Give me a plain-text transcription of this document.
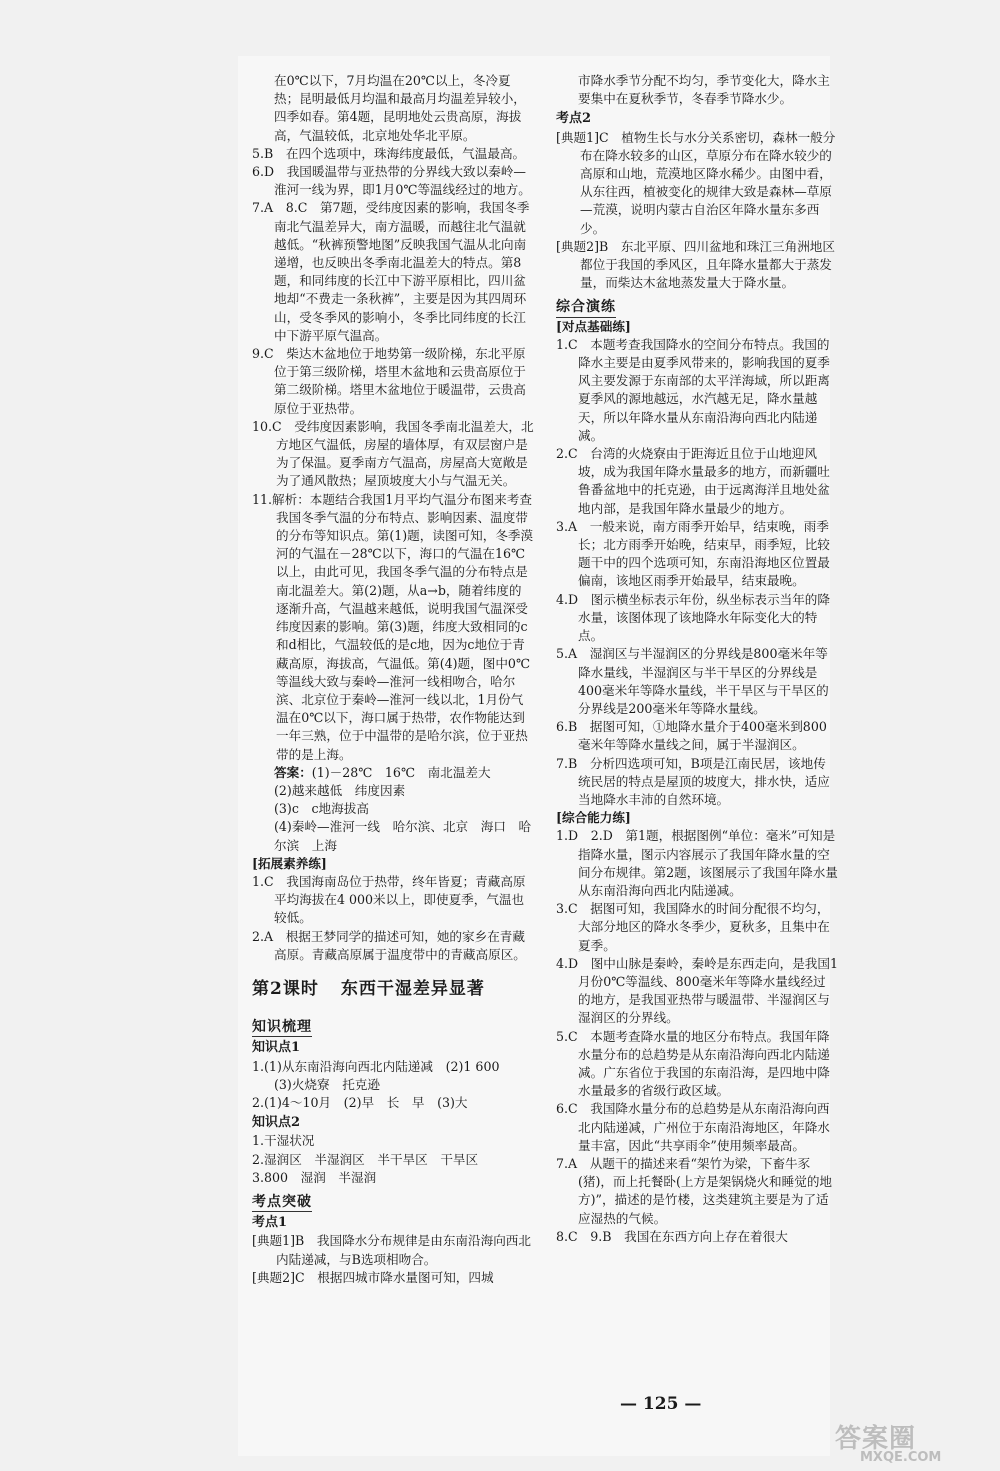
在0℃以下，7月均温在20℃以上，冬冷夏热；昆明最低月均温和最高月均温差异较小，四季如春。第4题，昆明地处云贵高原，海拔高，气温较低，北京地处华北平原。

5.B　在四个选项中，珠海纬度最低，气温最高。

6.D　我国暖温带与亚热带的分界线大致以秦岭—淮河一线为界，即1月0℃等温线经过的地方。

7.A　8.C　第7题，受纬度因素的影响，我国冬季南北气温差异大，南方温暖，而越往北气温就越低。“秋裤预警地图”反映我国气温从北向南递增，也反映出冬季南北温差大的特点。第8题，和同纬度的长江中下游平原相比，四川盆地却“不费走一条秋裤”，主要是因为其四周环山，受冬季风的影响小，冬季比同纬度的长江中下游平原气温高。

9.C　柴达木盆地位于地势第一级阶梯，东北平原位于第三级阶梯，塔里木盆地和云贵高原位于第二级阶梯。塔里木盆地位于暖温带，云贵高原位于亚热带。

10.C　受纬度因素影响，我国冬季南北温差大，北方地区气温低，房屋的墙体厚，有双层窗户是为了保温。夏季南方气温高，房屋高大宽敞是为了通风散热；屋顶坡度大小与气温无关。

11.解析：本题结合我国1月平均气温分布图来考查我国冬季气温的分布特点、影响因素、温度带的分布等知识点。第(1)题，读图可知，冬季漠河的气温在－28℃以下，海口的气温在16℃以上，由此可见，我国冬季气温的分布特点是南北温差大。第(2)题，从a→b，随着纬度的逐渐升高，气温越来越低，说明我国气温深受纬度因素的影响。第(3)题，纬度大致相同的c和d相比，气温较低的是c地，因为c地位于青藏高原，海拔高，气温低。第(4)题，图中0℃等温线大致与秦岭—淮河一线相吻合，哈尔滨、北京位于秦岭—淮河一线以北，1月份气温在0℃以下，海口属于热带，农作物能达到一年三熟，位于中温带的是哈尔滨，位于亚热带的是上海。

答案：(1)－28℃　16℃　南北温差大
(2)越来越低　纬度因素
(3)c　c地海拔高
(4)秦岭—淮河一线　哈尔滨、北京　海口　哈尔滨　上海
[拓展素养练]

1.C　我国海南岛位于热带，终年皆夏；青藏高原平均海拔在4 000米以上，即使夏季，气温也较低。

2.A　根据王梦同学的描述可知，她的家乡在青藏高原。青藏高原属于温度带中的青藏高原区。

第2课时 东西干湿差异显著
知识梳理
知识点1
1.(1)从东南沿海向西北内陆递减　(2)1 600
(3)火烧寮　托克逊
2.(1)4～10月　(2)早　长　早　(3)大
知识点2
1.干湿状况
2.湿润区　半湿润区　半干旱区　干旱区
3.800　湿润　半湿润
考点突破
考点1

[典题1]B　我国降水分布规律是由东南沿海向西北内陆递减，与B选项相吻合。

[典题2]C　根据四城市降水量图可知，四城

市降水季节分配不均匀，季节变化大，降水主要集中在夏秋季节，冬春季节降水少。

考点2

[典题1]C　植物生长与水分关系密切，森林一般分布在降水较多的山区，草原分布在降水较少的高原和山地，荒漠地区降水稀少。由图中看，从东往西，植被变化的规律大致是森林—草原—荒漠，说明内蒙古自治区年降水量东多西少。

[典题2]B　东北平原、四川盆地和珠江三角洲地区都位于我国的季风区，且年降水量都大于蒸发量，而柴达木盆地蒸发量大于降水量。

综合演练
[对点基础练]

1.C　本题考查我国降水的空间分布特点。我国的降水主要是由夏季风带来的，影响我国的夏季风主要发源于东南部的太平洋海域，所以距离夏季风的源地越远，水汽越无足，降水量越天，所以年降水量从东南沿海向西北内陆递减。

2.C　台湾的火烧寮由于距海近且位于山地迎风坡，成为我国年降水量最多的地方，而新疆吐鲁番盆地中的托克逊，由于远离海洋且地处盆地内部，是我国年降水量最少的地方。

3.A　一般来说，南方雨季开始早，结束晚，雨季长；北方雨季开始晚，结束早，雨季短，比较题干中的四个选项可知，东南沿海地区位置最偏南，该地区雨季开始最早，结束最晚。

4.D　图示横坐标表示年份，纵坐标表示当年的降水量，该图体现了该地降水年际变化大的特点。

5.A　湿润区与半湿润区的分界线是800毫米年等降水量线，半湿润区与半干旱区的分界线是400毫米年等降水量线，半干旱区与干旱区的分界线是200毫米年等降水量线。

6.B　据图可知，①地降水量介于400毫米到800毫米年等降水量线之间，属于半湿润区。

7.B　分析四选项可知，B项是江南民居，该地传统民居的特点是屋顶的坡度大，排水快，适应当地降水丰沛的自然环境。

[综合能力练]

1.D　2.D　第1题，根据图例“单位：毫米”可知是指降水量，图示内容展示了我国年降水量的空间分布规律。第2题，该图展示了我国年降水量从东南沿海向西北内陆递减。

3.C　据图可知，我国降水的时间分配很不均匀，大部分地区的降水冬季少，夏秋多，且集中在夏季。

4.D　图中山脉是秦岭，秦岭是东西走向，是我国1月份0℃等温线、800毫米年等降水量线经过的地方，是我国亚热带与暖温带、半湿润区与湿润区的分界线。

5.C　本题考查降水量的地区分布特点。我国年降水量分布的总趋势是从东南沿海向西北内陆递减。广东省位于我国的东南沿海，是四地中降水量最多的省级行政区域。

6.C　我国降水量分布的总趋势是从东南沿海向西北内陆递减，广州位于东南沿海地区，年降水量丰富，因此“共享雨伞”使用频率最高。

7.A　从题干的描述来看“架竹为梁，下畜牛豕(猪)，而上托餐卧(上方是架锅烧火和睡觉的地方)”，描述的是竹楼，这类建筑主要是为了适应湿热的气候。

8.C　9.B　我国在东西方向上存在着很大

— 125 —
答案圈
MXQE.COM
